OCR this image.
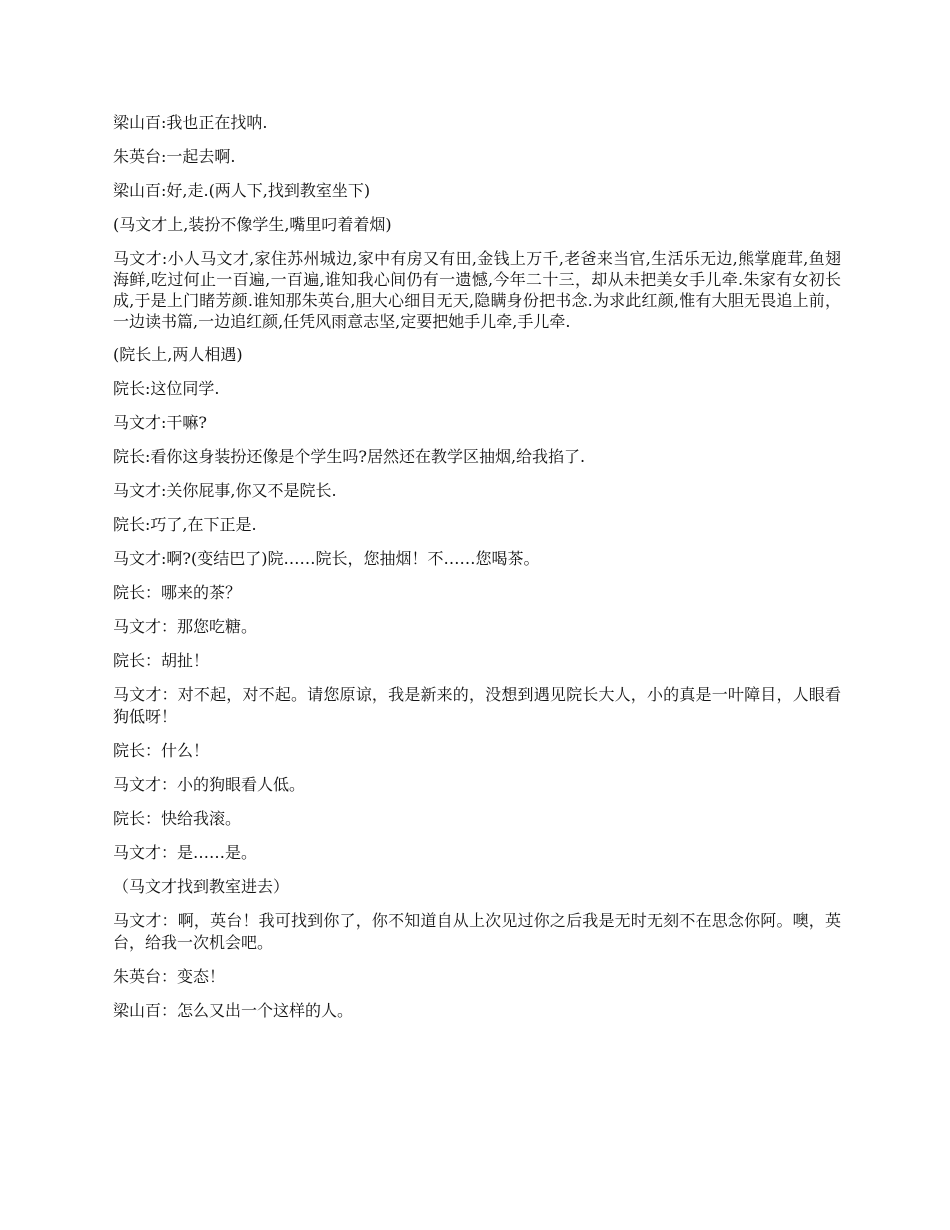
梁山百:我也正在找呐.

朱英台:一起去啊.

梁山百:好,走.(两人下,找到教室坐下)

(马文才上,装扮不像学生,嘴里叼着着烟)

马文才:小人马文才,家住苏州城边,家中有房又有田,金钱上万千,老爸来当官,生活乐无边,熊掌鹿茸,鱼翅海鲜,吃过何止一百遍,一百遍,谁知我心间仍有一遗憾,今年二十三，却从未把美女手儿牵.朱家有女初长成,于是上门睹芳颜.谁知那朱英台,胆大心细目无天,隐瞒身份把书念.为求此红颜,惟有大胆无畏追上前，一边读书篇,一边追红颜,任凭风雨意志坚,定要把她手儿牵,手儿牵.

(院长上,两人相遇)

院长:这位同学.

马文才:干嘛?

院长:看你这身装扮还像是个学生吗?居然还在教学区抽烟,给我掐了.

马文才:关你屁事,你又不是院长.

院长:巧了,在下正是.

马文才:啊?(变结巴了)院……院长，您抽烟！不……您喝茶。

院长：哪来的茶？

马文才：那您吃糖。

院长：胡扯！

马文才：对不起，对不起。请您原谅，我是新来的，没想到遇见院长大人，小的真是一叶障目，人眼看狗低呀！

院长：什么！

马文才：小的狗眼看人低。

院长：快给我滚。

马文才：是……是。

（马文才找到教室进去）

马文才：啊，英台！我可找到你了，你不知道自从上次见过你之后我是无时无刻不在思念你阿。噢，英台，给我一次机会吧。

朱英台：变态！

梁山百：怎么又出一个这样的人。
